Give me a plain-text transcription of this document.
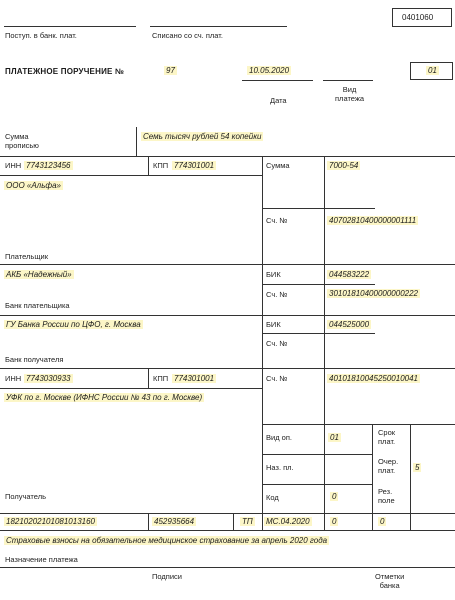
0401060
Поступ. в банк. плат.	Списано со сч. плат.
ПЛАТЕЖНОЕ ПОРУЧЕНИЕ №	97	10.05.2020
Дата
Вид
платежа
01
Сумма
прописью
Семь тысяч рублей 54 копейки
ИНН 7743123456	КПП 774301001	Сумма	7000-54
ООО «Альфа»
Сч. №	40702810400000001111
Плательщик
АКБ «Надежный»	БИК	044583222
Сч. №	30101810400000000222
Банк плательщика
ГУ Банка России по ЦФО, г. Москва	БИК	044525000
Сч. №
Банк получателя
ИНН 7743030933	КПП 774301001	Сч. №	40101810045250010041
УФК по г. Москве (ИФНС России № 43 по г. Москве)
Получатель
Вид оп.	01
Срок
плат.
Наз. пл.
Очер.
плат.	5
Код	0
Рез.
поле
18210202101081013160	452935664	ТП МС.04.2020	0	0
Страховые взносы на обязательное медицинское страхование за апрель 2020 года
Назначение платежа
Подписи	Отметки
банка
